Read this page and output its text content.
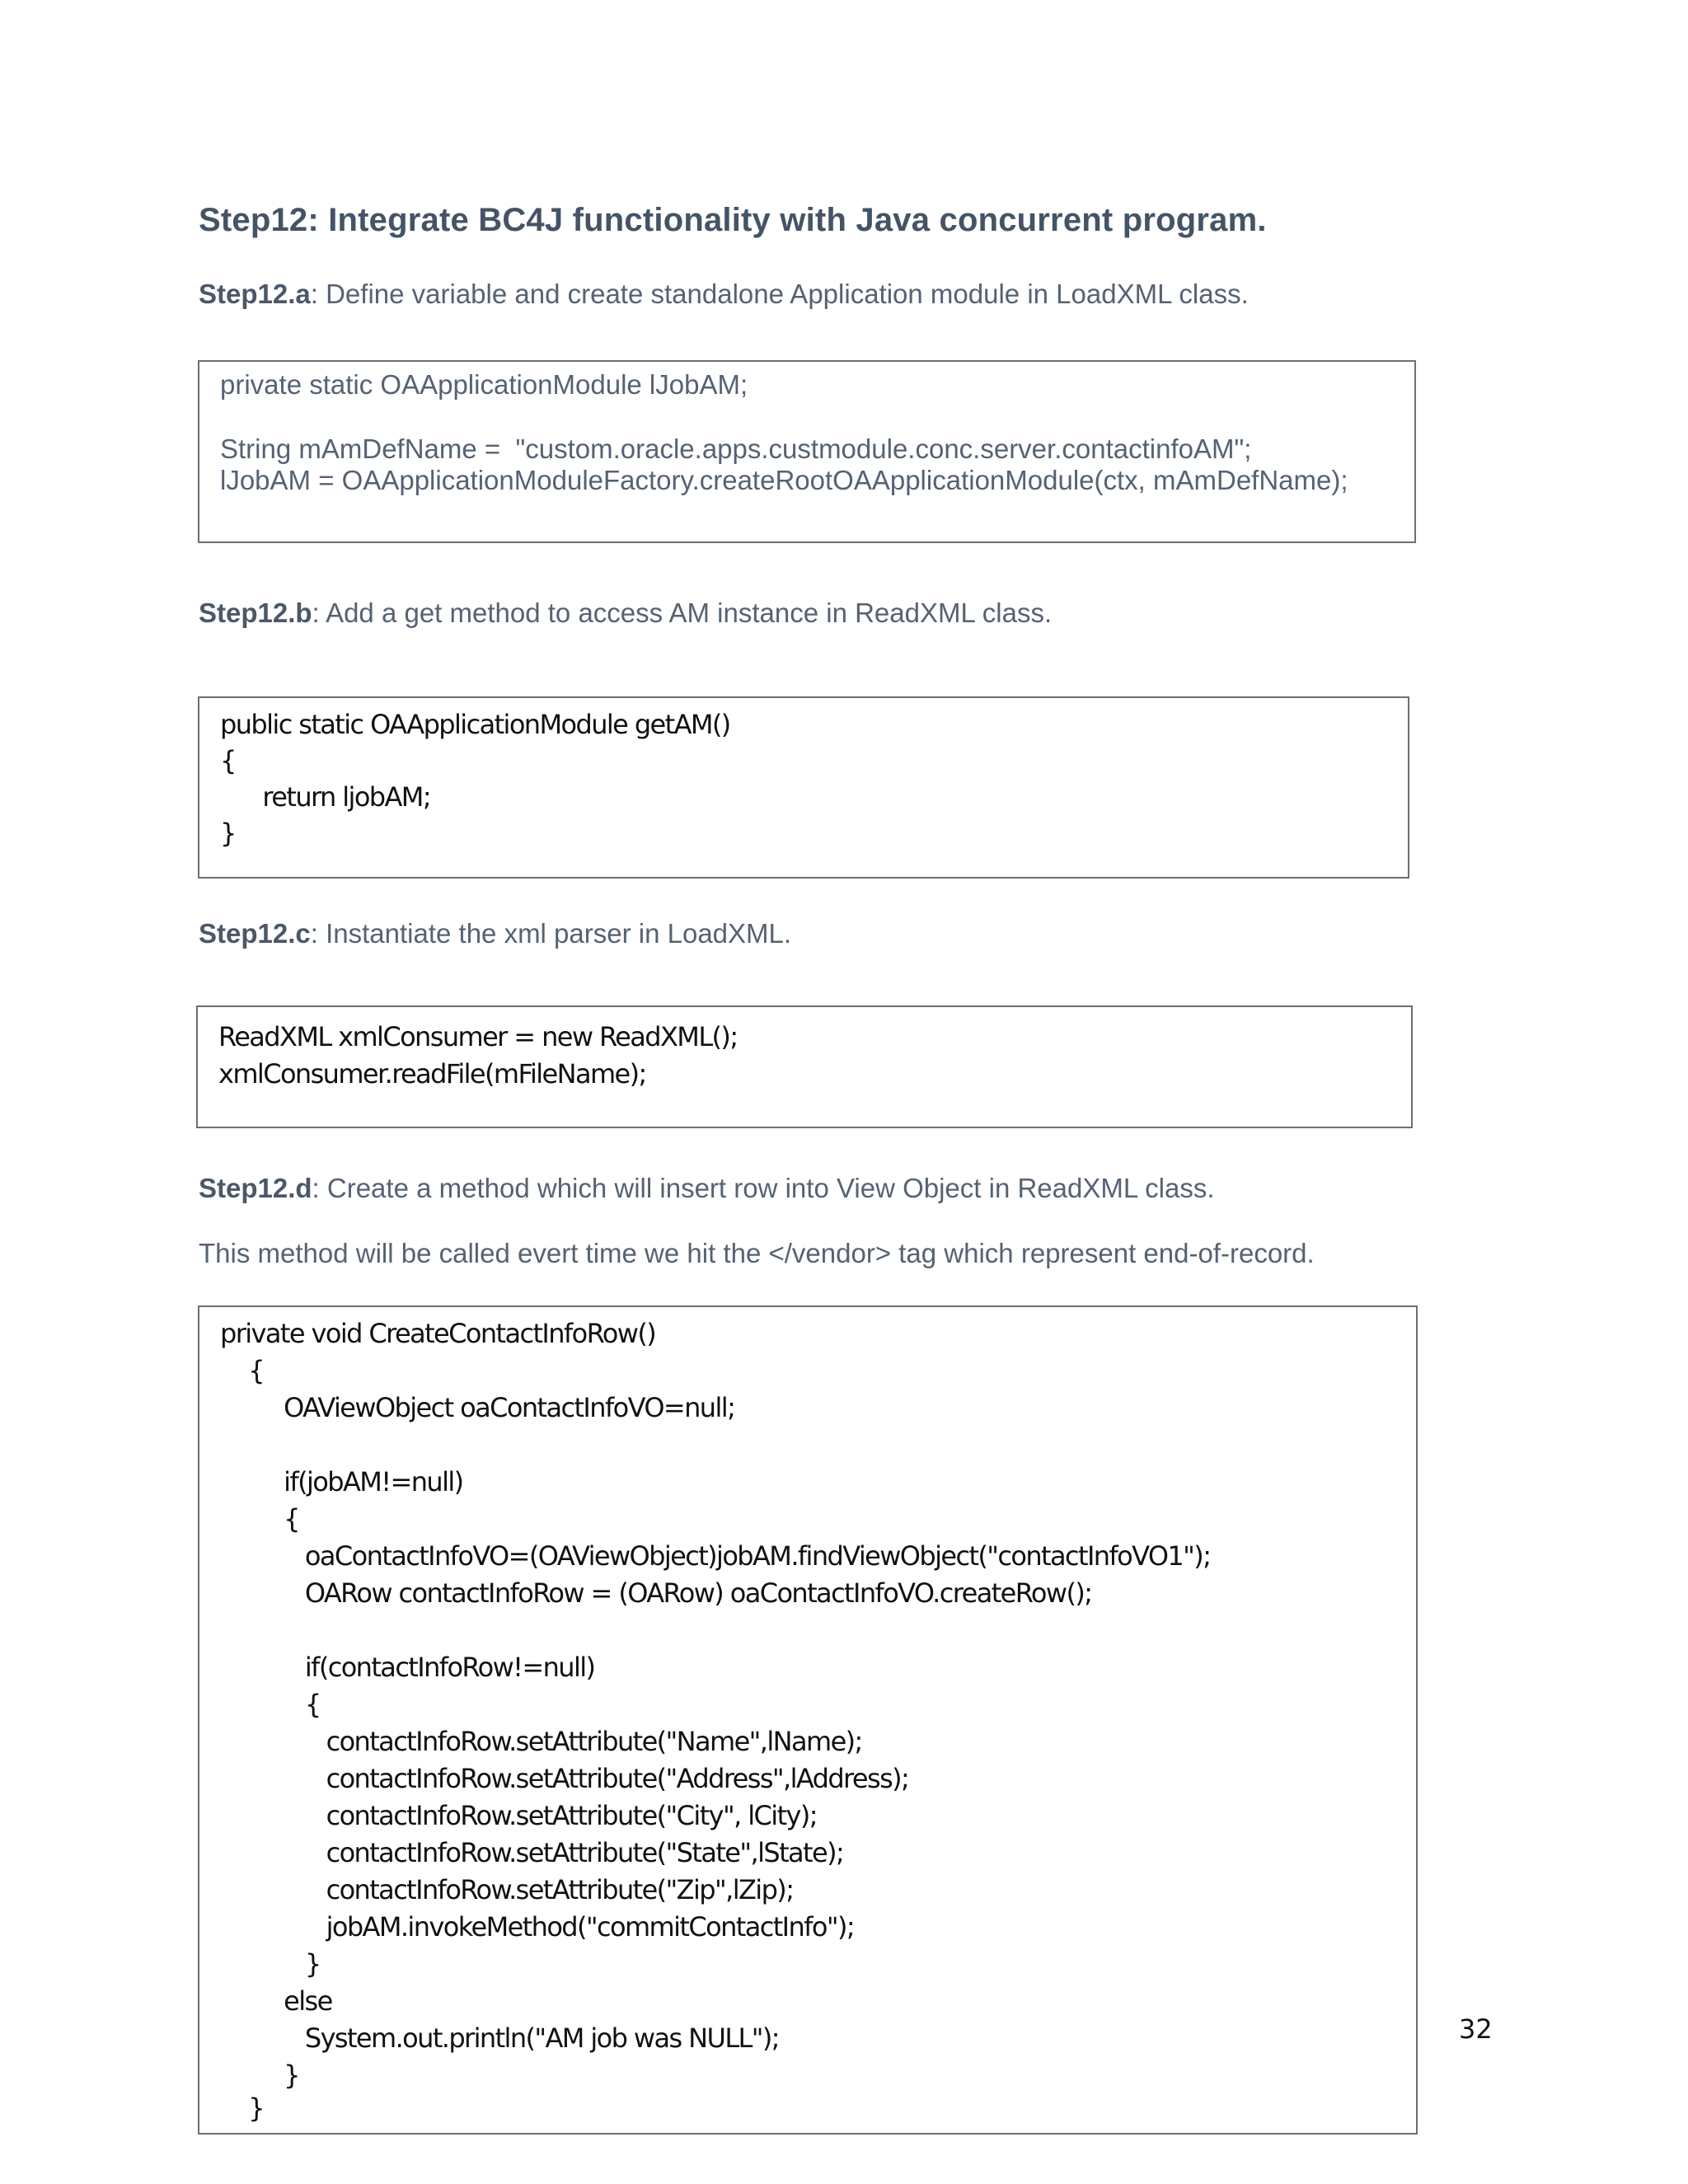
Step12: Integrate BC4J functionality with Java concurrent program.
Step12.a: Define variable and create standalone Application module in LoadXML class.
private static OAApplicationModule lJobAM;
String mAmDefName =  "custom.oracle.apps.custmodule.conc.server.contactinfoAM";
lJobAM = OAApplicationModuleFactory.createRootOAApplicationModule(ctx, mAmDefName);
Step12.b: Add a get method to access AM instance in ReadXML class.
public static OAApplicationModule getAM()
{
return ljobAM;
}
Step12.c: Instantiate the xml parser in LoadXML.
ReadXML xmlConsumer = new ReadXML();
xmlConsumer.readFile(mFileName);
Step12.d: Create a method which will insert row into View Object in ReadXML class.
This method will be called evert time we hit the </vendor> tag which represent end-of-record.
private void CreateContactInfoRow()
{
OAViewObject oaContactInfoVO=null;
if(jobAM!=null)
{
oaContactInfoVO=(OAViewObject)jobAM.findViewObject("contactInfoVO1");
OARow contactInfoRow = (OARow) oaContactInfoVO.createRow();
if(contactInfoRow!=null)
{
contactInfoRow.setAttribute("Name",lName);
contactInfoRow.setAttribute("Address",lAddress);
contactInfoRow.setAttribute("City", lCity);
contactInfoRow.setAttribute("State",lState);
contactInfoRow.setAttribute("Zip",lZip);
jobAM.invokeMethod("commitContactInfo");
}
else
System.out.println("AM job was NULL");
}
}
32
